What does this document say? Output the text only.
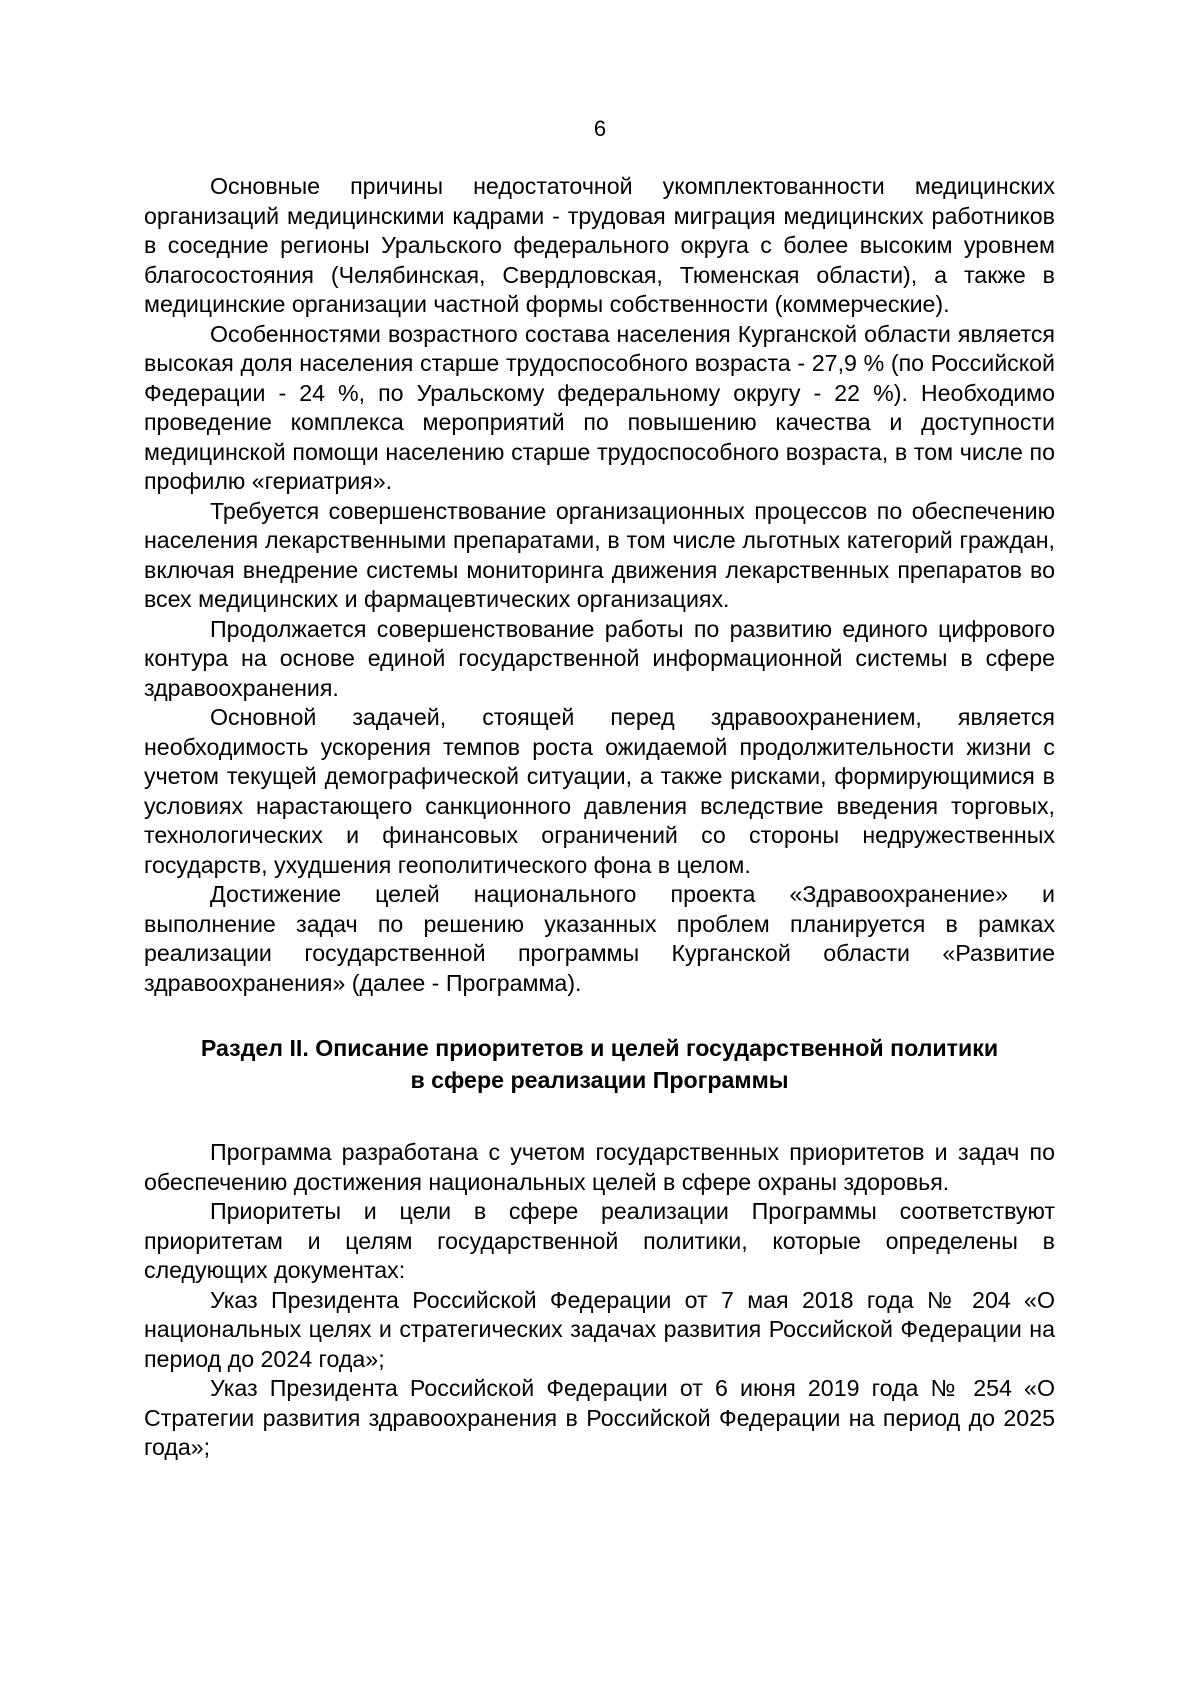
6

Основные причины недостаточной укомплектованности медицинских организаций медицинскими кадрами - трудовая миграция медицинских работников в соседние регионы Уральского федерального округа с более высоким уровнем благосостояния (Челябинская, Свердловская, Тюменская области), а также в медицинские организации частной формы собственности (коммерческие).

Особенностями возрастного состава населения Курганской области является высокая доля населения старше трудоспособного возраста - 27,9 % (по Российской Федерации - 24 %, по Уральскому федеральному округу - 22 %). Необходимо проведение комплекса мероприятий по повышению качества и доступности медицинской помощи населению старше трудоспособного возраста, в том числе по профилю «гериатрия».

Требуется совершенствование организационных процессов по обеспечению населения лекарственными препаратами, в том числе льготных категорий граждан, включая внедрение системы мониторинга движения лекарственных препаратов во всех медицинских и фармацевтических организациях.

Продолжается совершенствование работы по развитию единого цифрового контура на основе единой государственной информационной системы в сфере здравоохранения.

Основной задачей, стоящей перед здравоохранением, является необходимость ускорения темпов роста ожидаемой продолжительности жизни с учетом текущей демографической ситуации, а также рисками, формирующимися в условиях нарастающего санкционного давления вследствие введения торговых, технологических и финансовых ограничений со стороны недружественных государств, ухудшения геополитического фона в целом.

Достижение целей национального проекта «Здравоохранение» и выполнение задач по решению указанных проблем планируется в рамках реализации государственной программы Курганской области «Развитие здравоохранения» (далее - Программа).

Раздел II. Описание приоритетов и целей государственной политики
в сфере реализации Программы

Программа разработана с учетом государственных приоритетов и задач по обеспечению достижения национальных целей в сфере охраны здоровья.

Приоритеты и цели в сфере реализации Программы соответствуют приоритетам и целям государственной политики, которые определены в следующих документах:

Указ Президента Российской Федерации от 7 мая 2018 года № 204 «О национальных целях и стратегических задачах развития Российской Федерации на период до 2024 года»;

Указ Президента Российской Федерации от 6 июня 2019 года № 254 «О Стратегии развития здравоохранения в Российской Федерации на период до 2025 года»;
